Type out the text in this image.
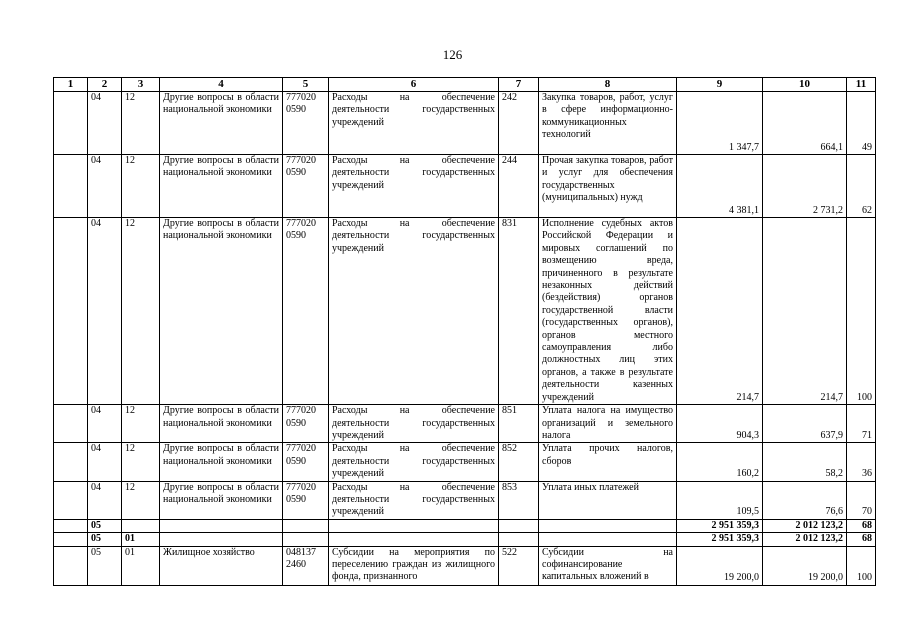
126
1	2	3	4	5	6	7	8	9	10	11
	04	12	Другие вопросы в области национальной экономики	777020 0590	Расходы на обеспечение деятельности государственных учреждений	242	Закупка товаров, работ, услуг в сфере информационно-коммуникационных технологий	1 347,7	664,1	49
	04	12	Другие вопросы в области национальной экономики	777020 0590	Расходы на обеспечение деятельности государственных учреждений	244	Прочая закупка товаров, работ и услуг для обеспечения государственных (муниципальных) нужд	4 381,1	2 731,2	62
	04	12	Другие вопросы в области национальной экономики	777020 0590	Расходы на обеспечение деятельности государственных учреждений	831	Исполнение судебных актов Российской Федерации и мировых соглашений по возмещению вреда, причиненного в результате незаконных действий (бездействия) органов государственной власти (государственных органов), органов местного самоуправления либо должностных лиц этих органов, а также в результате деятельности казенных учреждений	214,7	214,7	100
	04	12	Другие вопросы в области национальной экономики	777020 0590	Расходы на обеспечение деятельности государственных учреждений	851	Уплата налога на имущество организаций и земельного налога	904,3	637,9	71
	04	12	Другие вопросы в области национальной экономики	777020 0590	Расходы на обеспечение деятельности государственных учреждений	852	Уплата прочих налогов, сборов	160,2	58,2	36
	04	12	Другие вопросы в области национальной экономики	777020 0590	Расходы на обеспечение деятельности государственных учреждений	853	Уплата иных платежей	109,5	76,6	70
	05							2 951 359,3	2 012 123,2	68
	05	01						2 951 359,3	2 012 123,2	68
	05	01	Жилищное хозяйство	048137 2460	Субсидии на мероприятия по переселению граждан из жилищного фонда, признанного	522	Субсидии на софинансирование капитальных вложений в	19 200,0	19 200,0	100
